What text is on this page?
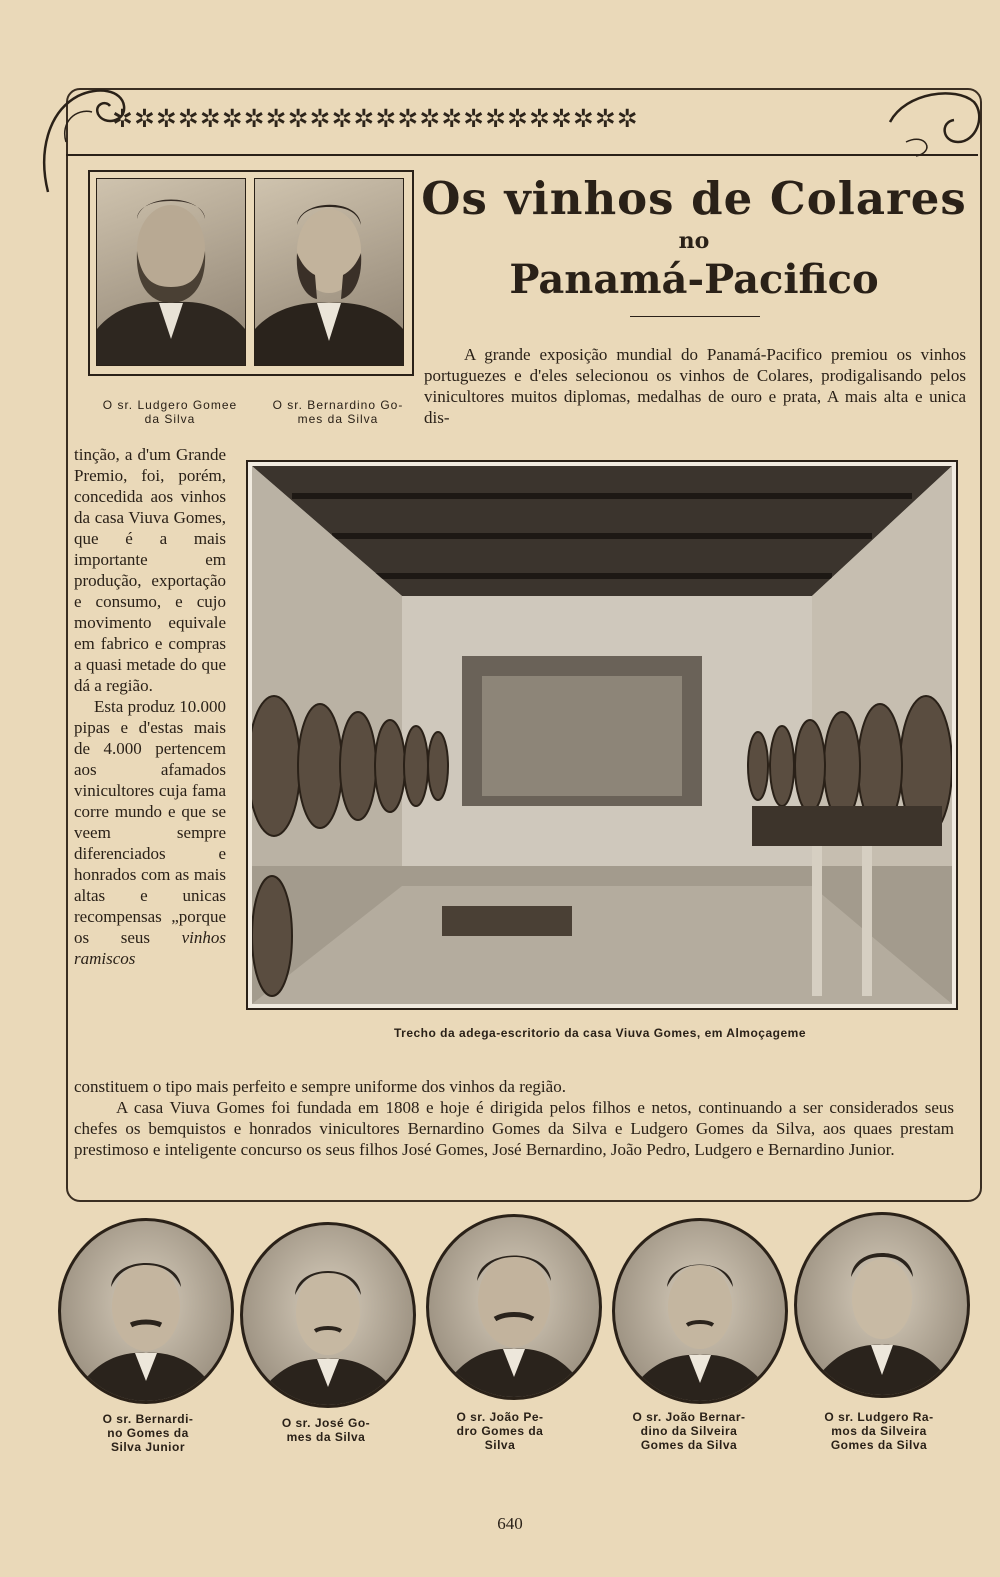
✲✲✲✲✲✲✲✲✲✲✲✲✲✲✲✲✲✲✲✲✲✲✲✲
O sr. Ludgero Gomee
da Silva
O sr. Bernardino Go-
mes da Silva
Os vinhos de Colares
no
Panamá-Pacifico

A grande exposição mundial do Panamá-Pacifico premiou os vinhos portuguezes e d'eles selecionou os vinhos de Colares, prodigalisando pelos vinicultores muitos diplomas, medalhas de ouro e prata, A mais alta e unica dis-

tinção, a d'um Grande Premio, foi, porém, concedida aos vinhos da casa Viuva Gomes, que é a mais importante em produção, exportação e consumo, e cujo movimento equivale em fabrico e compras a quasi metade do que dá a região.

Esta produz 10.000 pipas e d'estas mais de 4.000 pertencem aos afamados vinicultores cuja fama corre mundo e que se veem sempre diferenciados e honrados com as mais altas e unicas recompensas „porque os seus vinhos ramiscos

Trecho da adega-escritorio da casa Viuva Gomes, em Almoçageme

constituem o tipo mais perfeito e sempre uniforme dos vinhos da região.

A casa Viuva Gomes foi fundada em 1808 e hoje é dirigida pelos filhos e netos, continuando a ser considerados seus chefes os bemquistos e honrados vinicultores Bernardino Gomes da Silva e Ludgero Gomes da Silva, aos quaes prestam prestimoso e inteligente concurso os seus filhos José Gomes, José Bernardino, João Pedro, Ludgero e Bernardino Junior.

O sr. Bernardi-
no Gomes da
Silva Junior
O sr. José Go-
mes da Silva
O sr. João Pe-
dro Gomes da
Silva
O sr. João Bernar-
dino da Silveira
Gomes da Silva
O sr. Ludgero Ra-
mos da Silveira
Gomes da Silva
640
